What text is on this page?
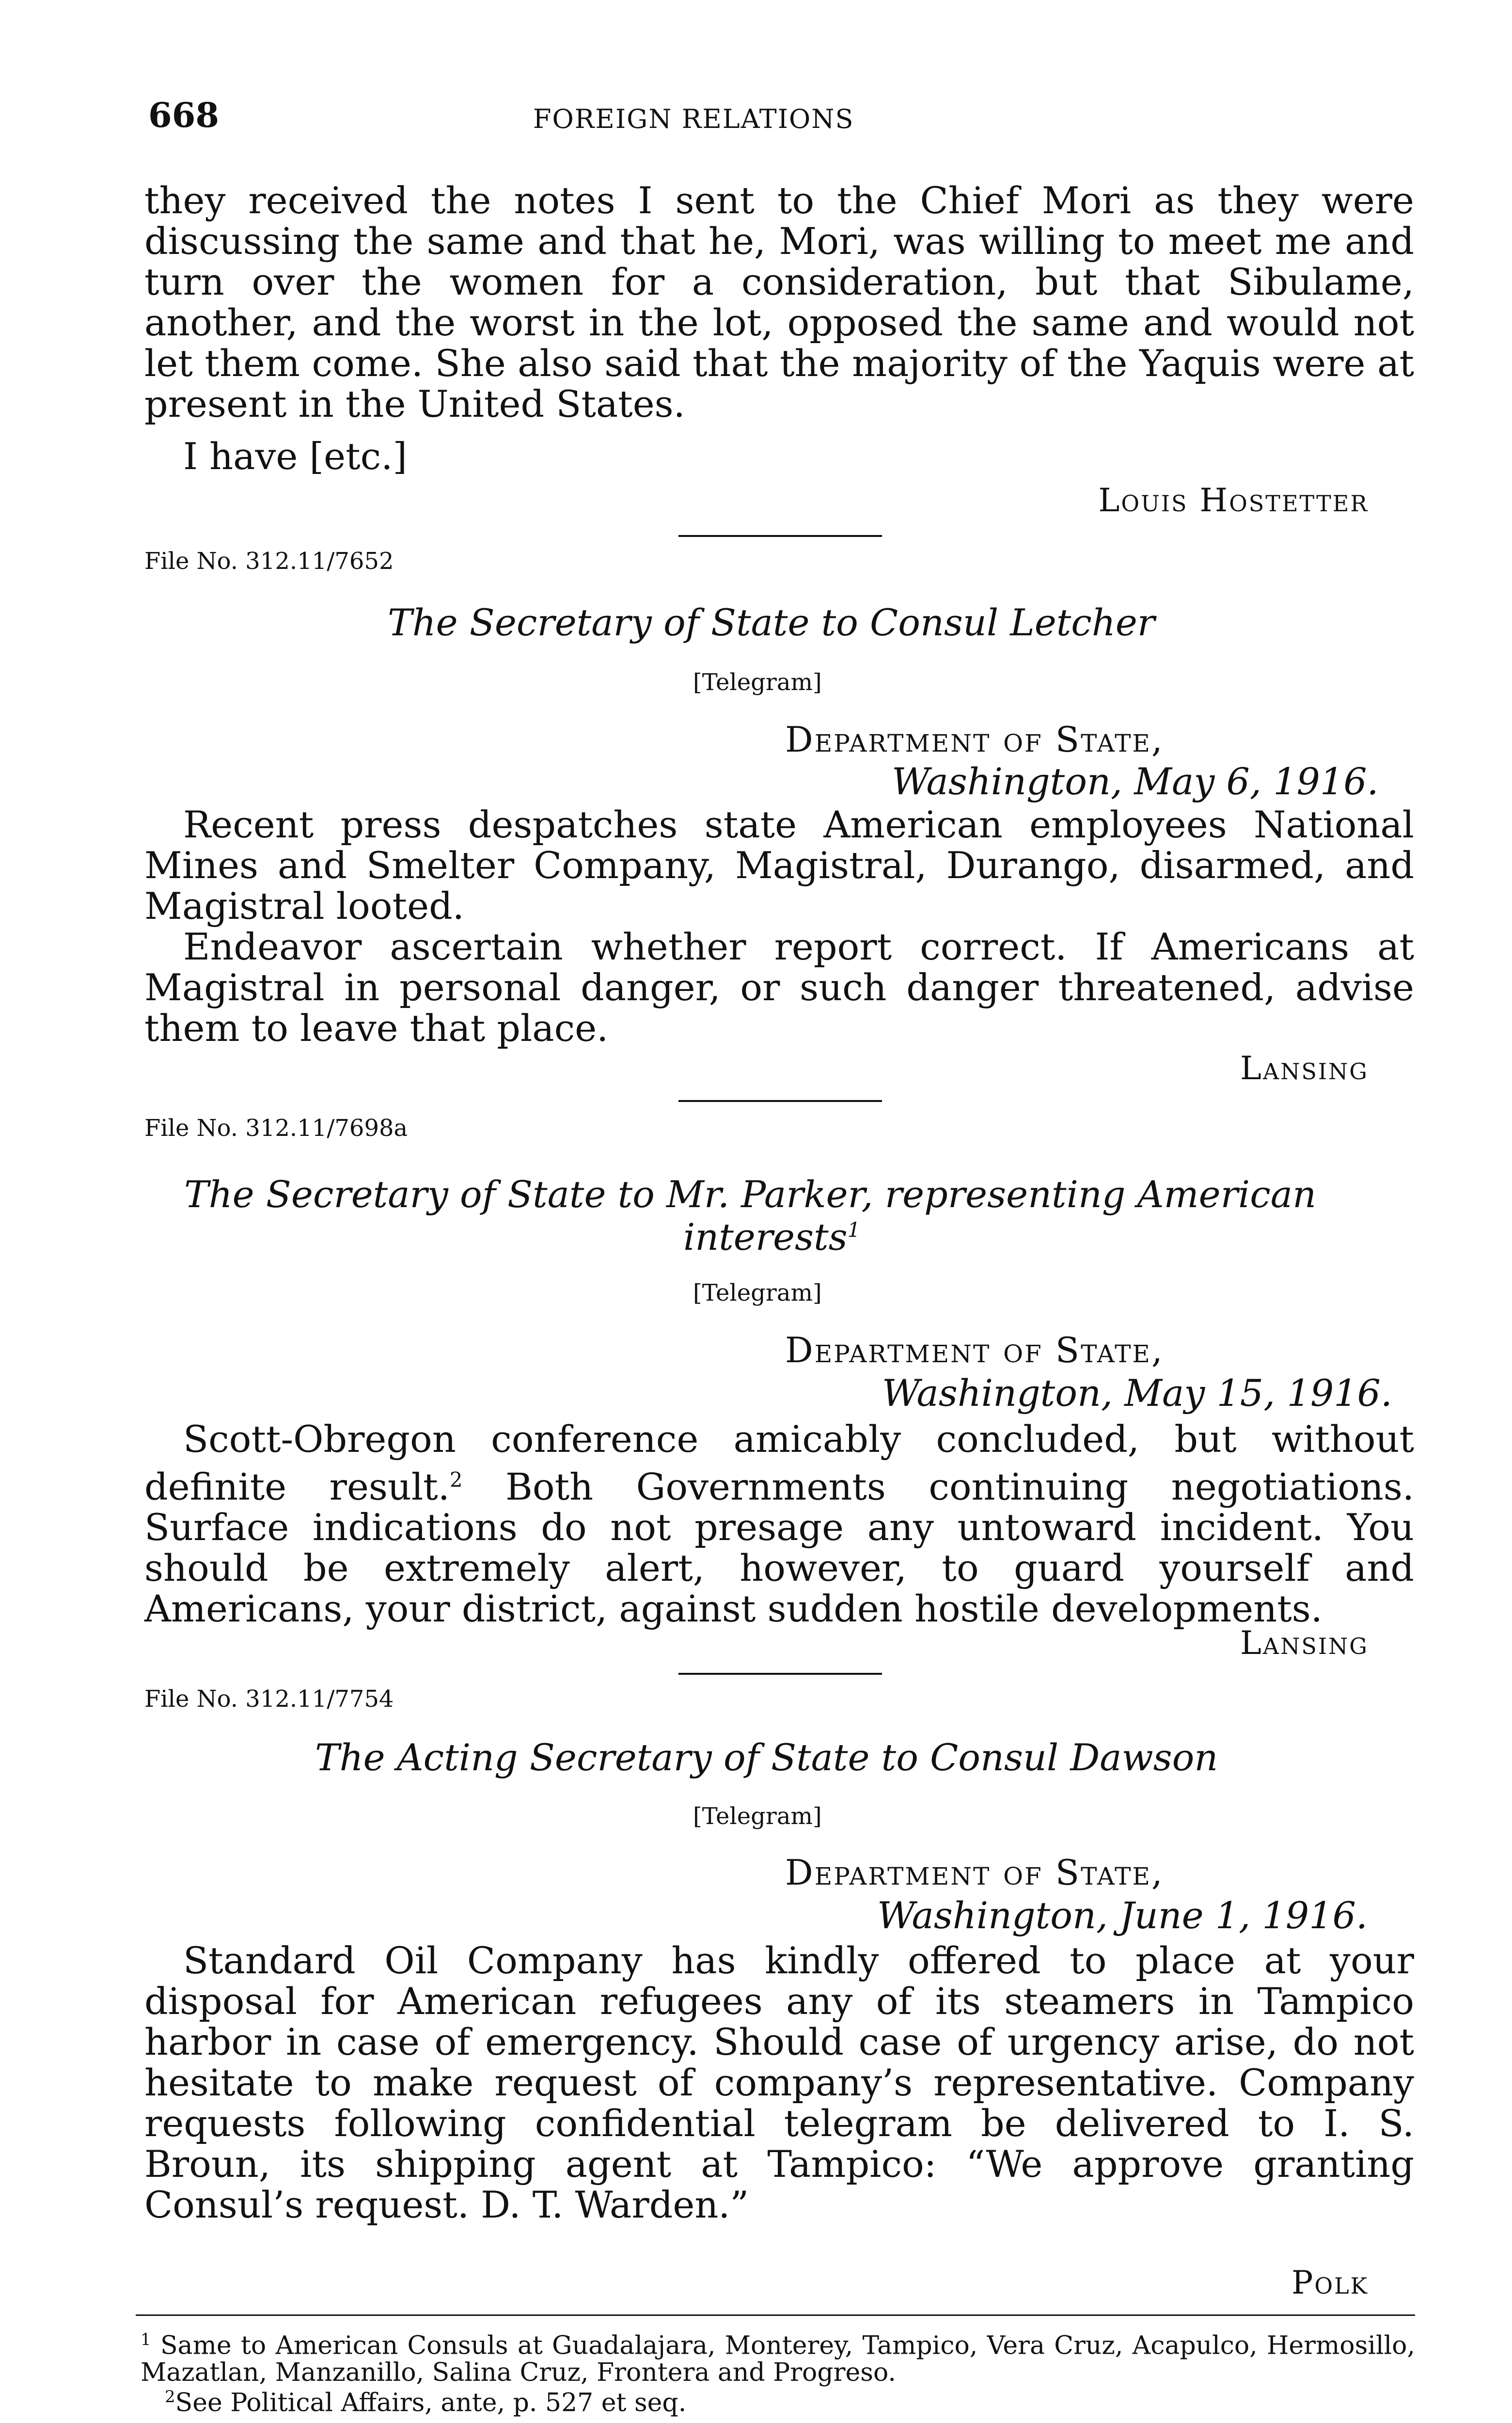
668	FOREIGN RELATIONS
they received the notes I sent to the Chief Mori as they were discussing the same and that he, Mori, was willing to meet me and turn over the women for a consideration, but that Sibulame, another, and the worst in the lot, opposed the same and would not let them come. She also said that the majority of the Yaquis were at present in the United States.
I have [etc.]
Louis Hostetter
File No. 312.11/7652
The Secretary of State to Consul Letcher
[Telegram]
Department of State,
Washington, May 6, 1916.
Recent press despatches state American employees National Mines and Smelter Company, Magistral, Durango, disarmed, and Magistral looted.
Endeavor ascertain whether report correct. If Americans at Magistral in personal danger, or such danger threatened, advise them to leave that place.
Lansing
File No. 312.11/7698a
The Secretary of State to Mr. Parker, representing American
interests$^1$
[Telegram]
Department of State,
Washington, May 15, 1916.
Scott-Obregon conference amicably concluded, but without definite result.$^2$ Both Governments continuing negotiations. Surface indications do not presage any untoward incident. You should be extremely alert, however, to guard yourself and Americans, your district, against sudden hostile developments.
Lansing
File No. 312.11/7754
The Acting Secretary of State to Consul Dawson
[Telegram]
Department of State,
Washington, June 1, 1916.
Standard Oil Company has kindly offered to place at your disposal for American refugees any of its steamers in Tampico harbor in case of emergency. Should case of urgency arise, do not hesitate to make request of company’s representative. Company requests following confidential telegram be delivered to I. S. Broun, its shipping agent at Tampico: “We approve granting Consul’s request. D. T. Warden.”
Polk
$^1$ Same to American Consuls at Guadalajara, Monterey, Tampico, Vera Cruz, Acapulco, Hermosillo, Mazatlan, Manzanillo, Salina Cruz, Frontera and Progreso.
$^2$See Political Affairs, ante, p. 527 et seq.
